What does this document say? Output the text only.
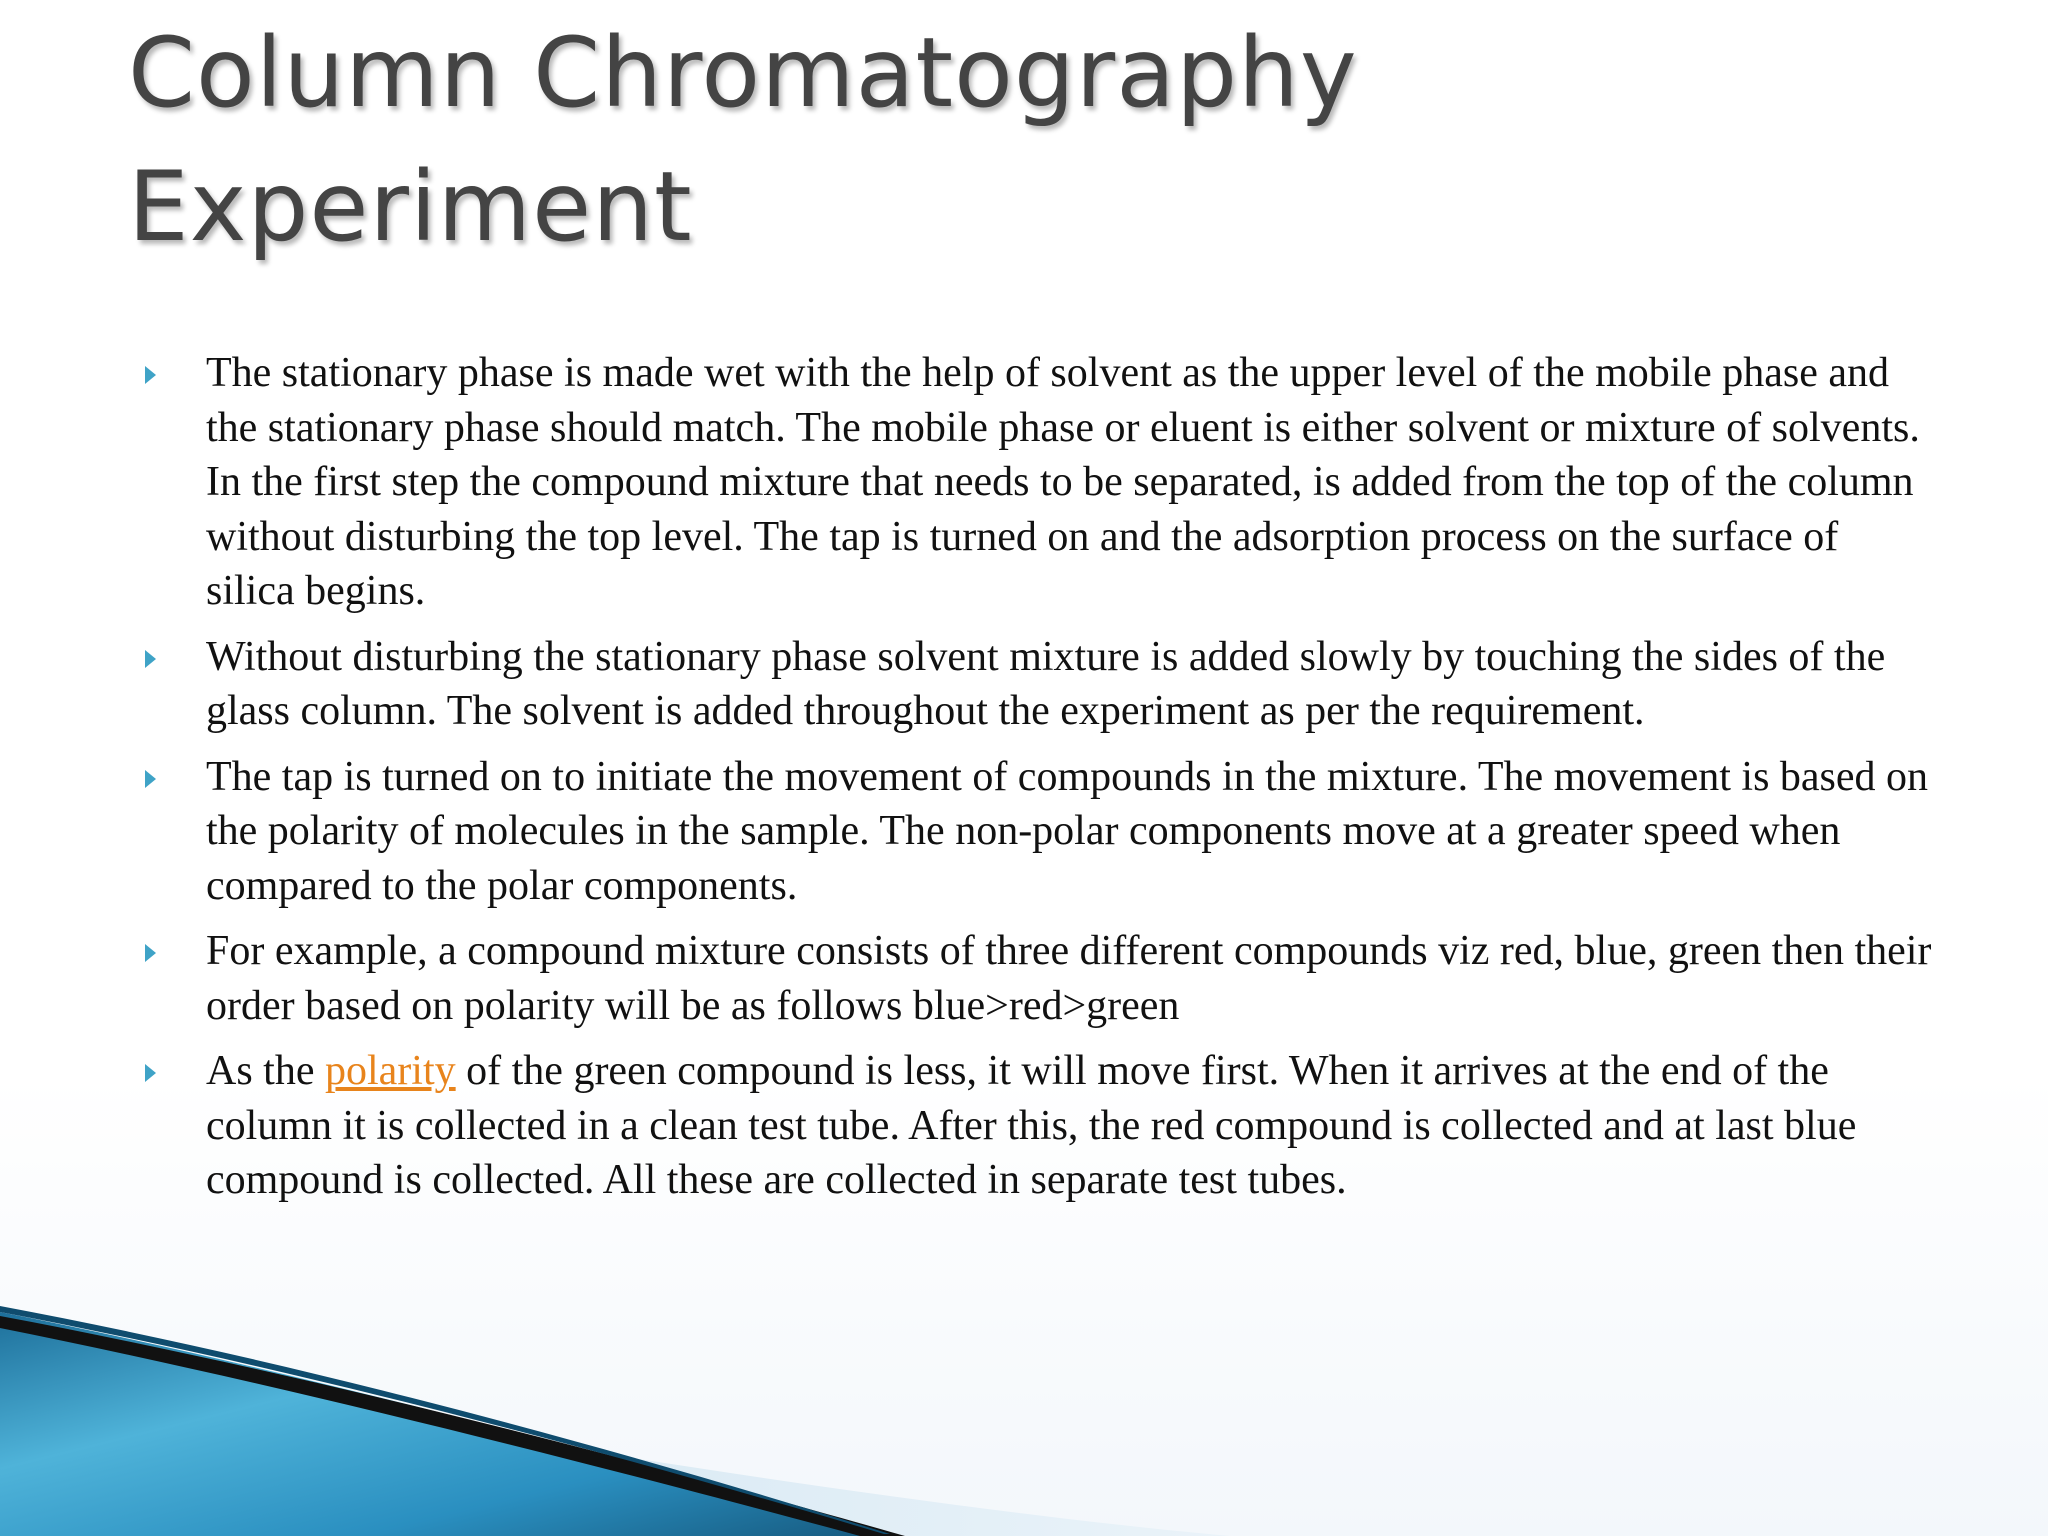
Column Chromatography
Experiment
The stationary phase is made wet with the help of solvent as the upper level of the mobile phase and the stationary phase should match. The mobile phase or eluent is either solvent or mixture of solvents. In the first step the compound mixture that needs to be separated, is added from the top of the column without disturbing the top level. The tap is turned on and the adsorption process on the surface of silica begins.
Without disturbing the stationary phase solvent mixture is added slowly by touching the sides of the glass column. The solvent is added throughout the experiment as per the requirement.
The tap is turned on to initiate the movement of compounds in the mixture. The movement is based on the polarity of molecules in the sample. The non-polar components move at a greater speed when compared to the polar components.
For example, a compound mixture consists of three different compounds viz red, blue, green then their order based on polarity will be as follows blue>red>green
As the polarity of the green compound is less, it will move first. When it arrives at the end of the column it is collected in a clean test tube. After this, the red compound is collected and at last blue compound is collected. All these are collected in separate test tubes.
